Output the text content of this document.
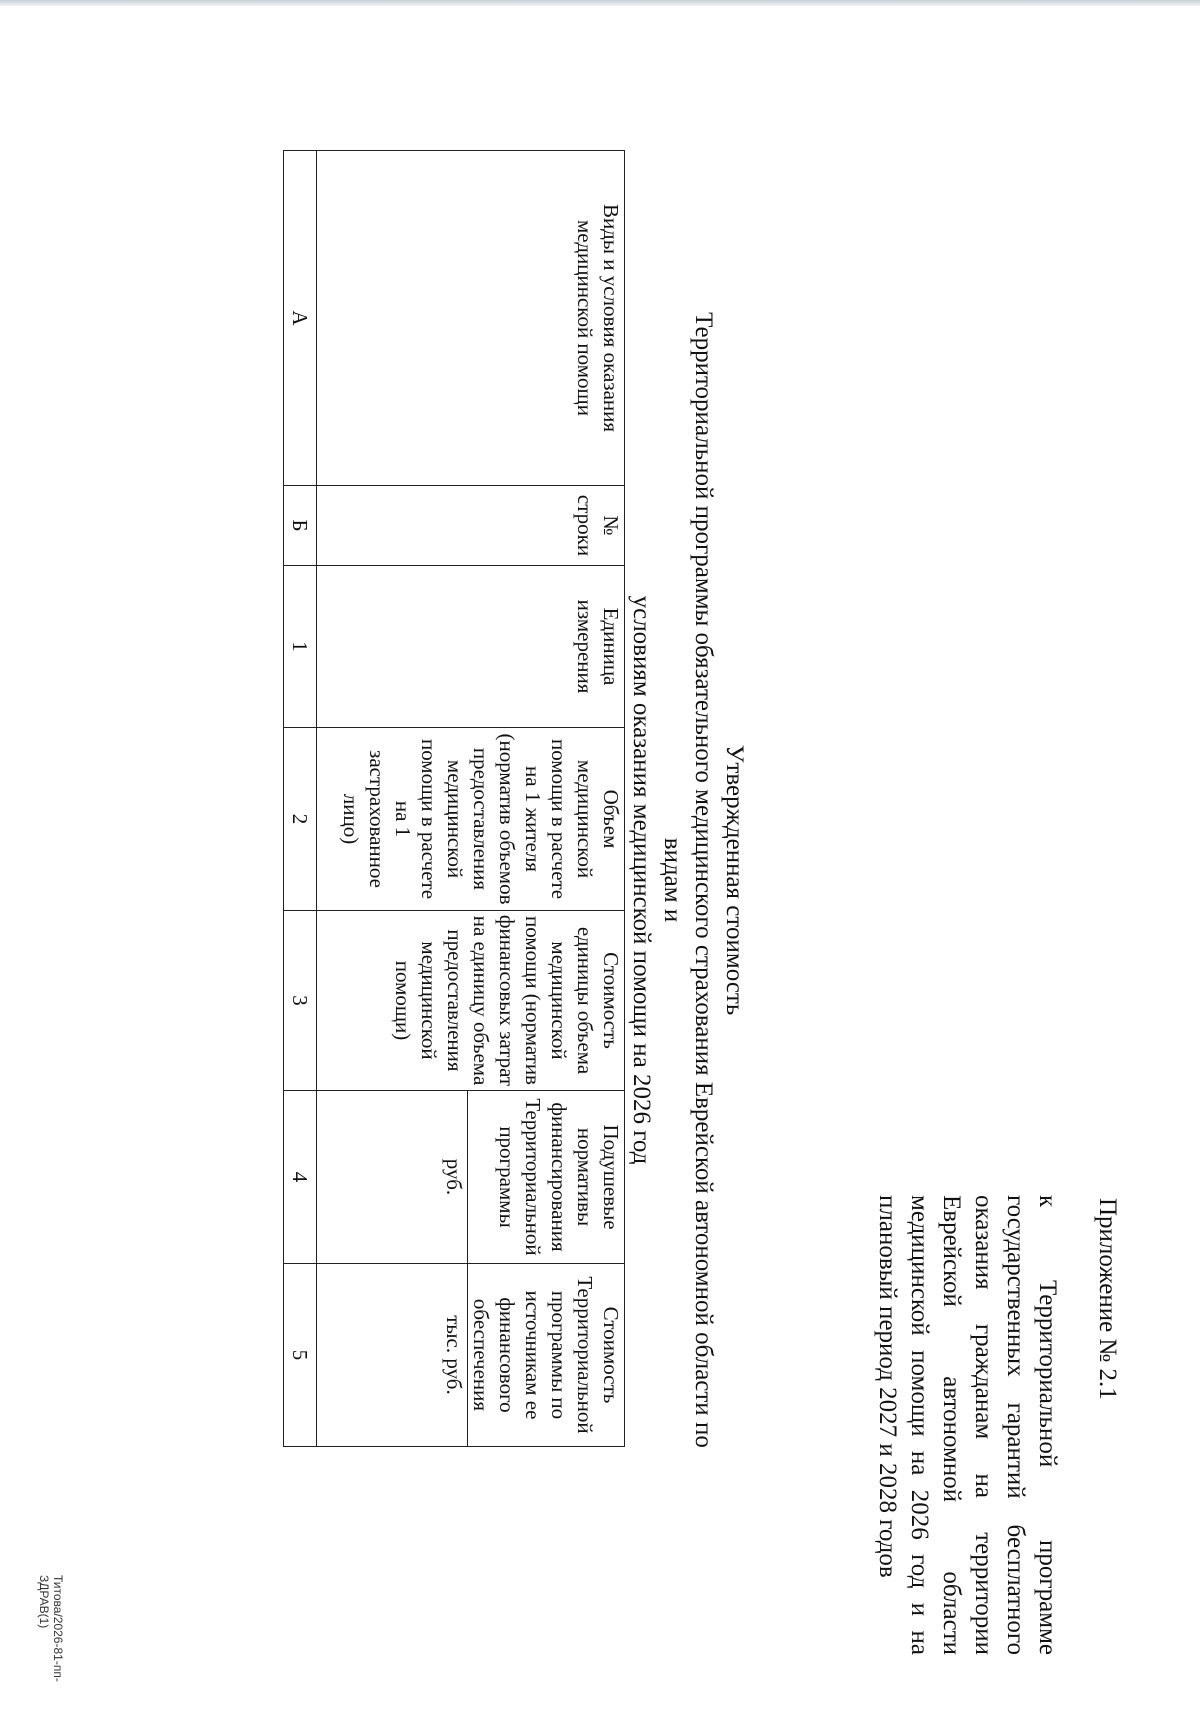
Приложение № 2.1
к Территориальной программе государственных гарантий бесплатного оказания гражданам на территории Еврейской автономной области медицинской помощи на 2026 год и на плановый период 2027 и 2028 годов
Утвержденная стоимость
Территориальной программы обязательного медицинского страхования Еврейской автономной области по видам и
условиям оказания медицинской помощи на 2026 год
Виды и условия оказания медицинской помощи	№ строки	Единица измерения	Объем медицинской помощи в расчете на 1 жителя (норматив объемов предоставления медицинской помощи в расчете на 1 застрахованное лицо)	Стоимость единицы объема медицинской помощи (норматив финансовых затрат на единицу объема предоставления медицинской помощи)	Подушевые нормативы финансирования Территориальной программы	Стоимость Территориальной программы по источникам ее финансового обеспечения
					руб.	тыс. руб.
А	Б	1	2	3	4	5
Титова/2026-81-пп-ЗДРАВ(1)
